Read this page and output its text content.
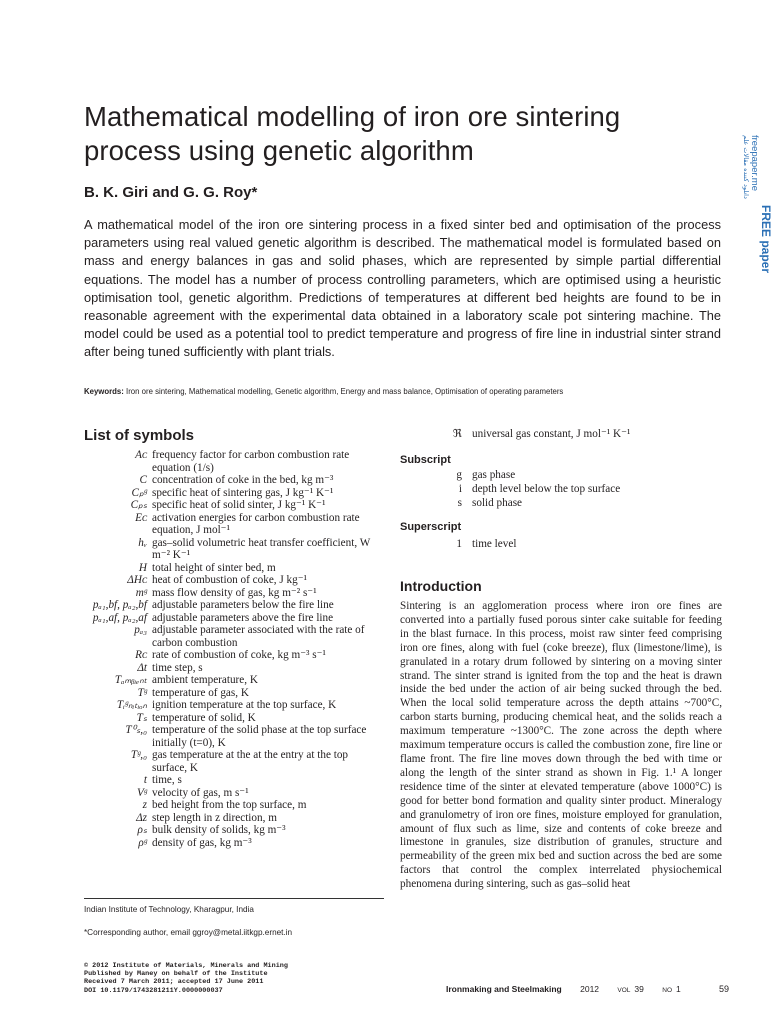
Mathematical modelling of iron ore sintering process using genetic algorithm
B. K. Giri and G. G. Roy*
A mathematical model of the iron ore sintering process in a fixed sinter bed and optimisation of the process parameters using real valued genetic algorithm is described. The mathematical model is formulated based on mass and energy balances in gas and solid phases, which are represented by simple partial differential equations. The model has a number of process controlling parameters, which are optimised using a heuristic optimisation tool, genetic algorithm. Predictions of temperatures at different bed heights are found to be in reasonable agreement with the experimental data obtained in a laboratory scale pot sintering machine. The model could be used as a potential tool to predict temperature and progress of fire line in industrial sinter strand after being tuned sufficiently with plant trials.
Keywords: Iron ore sintering, Mathematical modelling, Genetic algorithm, Energy and mass balance, Optimisation of operating parameters
List of symbols
Aᴄ frequency factor for carbon combustion rate equation (1/s)
C concentration of coke in the bed, kg m⁻³
Cₚᵍ specific heat of sintering gas, J kg⁻¹ K⁻¹
Cₚₛ specific heat of solid sinter, J kg⁻¹ K⁻¹
Eᴄ activation energies for carbon combustion rate equation, J mol⁻¹
hᵥ gas–solid volumetric heat transfer coefficient, W m⁻² K⁻¹
H total height of sinter bed, m
ΔHᴄ heat of combustion of coke, J kg⁻¹
mᵍ mass flow density of gas, kg m⁻² s⁻¹
pₐ₁,bf, pₐ₂,bf adjustable parameters below the fire line
pₐ₁,af, pₐ₂,af adjustable parameters above the fire line
pₐ₃ adjustable parameter associated with the rate of carbon combustion
Rᴄ rate of combustion of coke, kg m⁻³ s⁻¹
Δt time step, s
Tₐₘᵦᵢₑₙₜ ambient temperature, K
Tᵍ temperature of gas, K
Tᵢᵍₙᵢₜᵢₒₙ ignition temperature at the top surface, K
Tₛ temperature of solid, K
T⁰ₛ,₀ temperature of the solid phase at the top surface initially (t=0), K
Tᵍ,₀ gas temperature at the at the entry at the top surface, K
t time, s
Vᵍ velocity of gas, m s⁻¹
z bed height from the top surface, m
Δz step length in z direction, m
ρₛ bulk density of solids, kg m⁻³
ρᵍ density of gas, kg m⁻³
Indian Institute of Technology, Kharagpur, India
*Corresponding author, email ggroy@metal.iitkgp.ernet.in
ℜ universal gas constant, J mol⁻¹ K⁻¹
Subscript
g gas phase
i depth level below the top surface
s solid phase
Superscript
1 time level
Introduction
Sintering is an agglomeration process where iron ore fines are converted into a partially fused porous sinter cake suitable for feeding in the blast furnace. In this process, moist raw sinter feed comprising iron ore fines, along with fuel (coke breeze), flux (limestone/lime), is granulated in a rotary drum followed by sintering on a moving sinter strand. The sinter strand is ignited from the top and the heat is drawn inside the bed under the action of air being sucked through the bed. When the local solid temperature across the depth attains ~700°C, carbon starts burning, producing chemical heat, and the solids reach a maximum temperature ~1300°C. The zone across the depth where maximum temperature occurs is called the combustion zone, fire line or flame front. The fire line moves down through the bed with time or along the length of the sinter strand as shown in Fig. 1.¹ A longer residence time of the sinter at elevated temperature (above 1000°C) is good for better bond formation and quality sinter product. Mineralogy and granulometry of iron ore fines, moisture employed for granulation, amount of flux such as lime, size and contents of coke breeze and limestone in granules, size distribution of granules, structure and permeability of the green mix bed and suction across the bed are some factors that control the complex interrelated physiochemical phenomena during sintering, such as gas–solid heat
© 2012 Institute of Materials, Minerals and Mining
Published by Maney on behalf of the Institute
Received 7 March 2011; accepted 17 June 2011
DOI 10.1179/1743281211Y.0000000037	Ironmaking and Steelmaking 2012	VOL 39	NO 1	59
دانلود کننده مقالات علم freepaper.me
FREE paper
